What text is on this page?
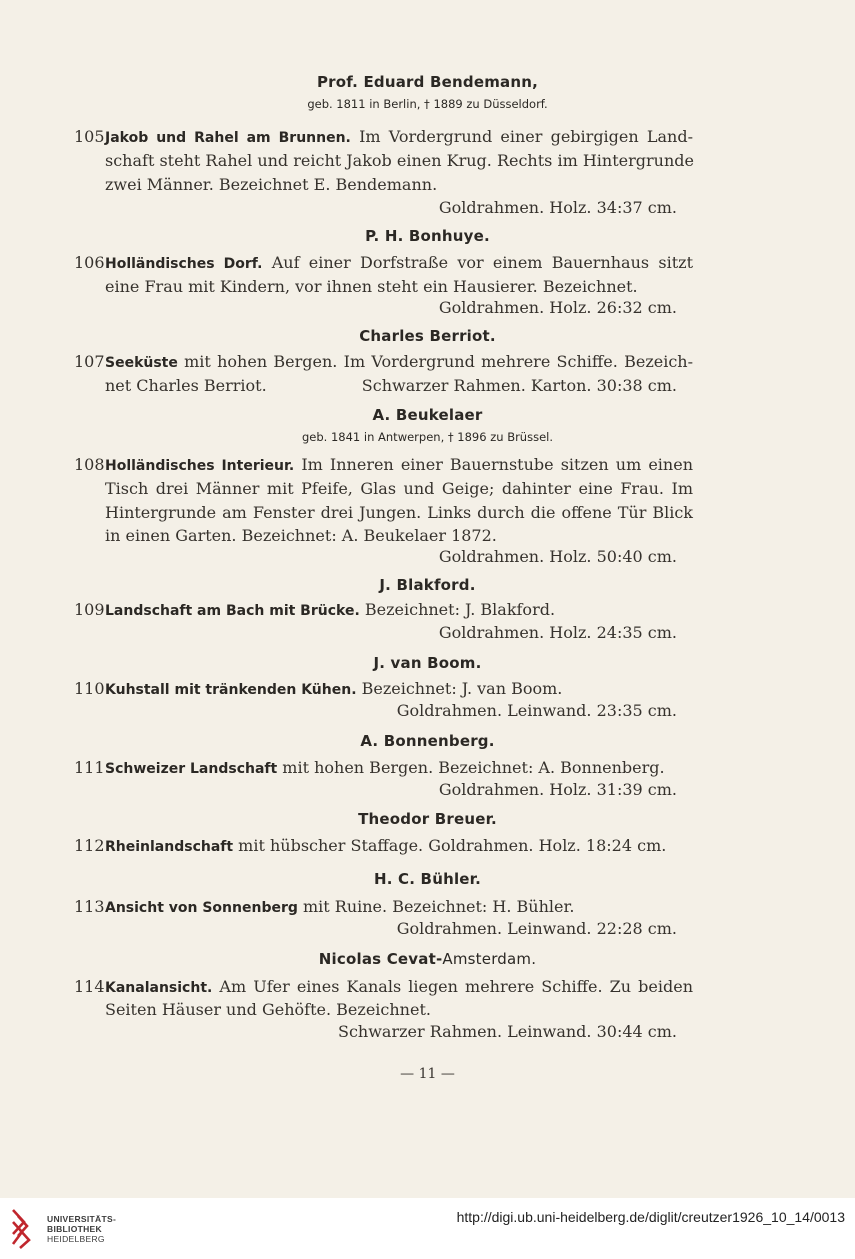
Prof. Eduard Bendemann,
geb. 1811 in Berlin, † 1889 zu Düsseldorf.
105 Jakob und Rahel am Brunnen. Im Vordergrund einer gebirgigen Land-
schaft steht Rahel und reicht Jakob einen Krug. Rechts im Hintergrunde
zwei Männer. Bezeichnet E. Bendemann.
Goldrahmen. Holz. 34:37 cm.
P. H. Bonhuye.
106 Holländisches Dorf. Auf einer Dorfstraße vor einem Bauernhaus sitzt
eine Frau mit Kindern, vor ihnen steht ein Hausierer. Bezeichnet.
Goldrahmen. Holz. 26:32 cm.
Charles Berriot.
107 Seeküste mit hohen Bergen. Im Vordergrund mehrere Schiffe. Bezeich-
net Charles Berriot.	Schwarzer Rahmen. Karton. 30:38 cm.
A. Beukelaer
geb. 1841 in Antwerpen, † 1896 zu Brüssel.
108 Holländisches Interieur. Im Inneren einer Bauernstube sitzen um einen
Tisch drei Männer mit Pfeife, Glas und Geige; dahinter eine Frau. Im
Hintergrunde am Fenster drei Jungen. Links durch die offene Tür Blick
in einen Garten. Bezeichnet: A. Beukelaer 1872.
Goldrahmen. Holz. 50:40 cm.
J. Blakford.
109 Landschaft am Bach mit Brücke. Bezeichnet: J. Blakford.
Goldrahmen. Holz. 24:35 cm.
J. van Boom.
110 Kuhstall mit tränkenden Kühen. Bezeichnet: J. van Boom.
Goldrahmen. Leinwand. 23:35 cm.
A. Bonnenberg.
111 Schweizer Landschaft mit hohen Bergen. Bezeichnet: A. Bonnenberg.
Goldrahmen. Holz. 31:39 cm.
Theodor Breuer.
112 Rheinlandschaft mit hübscher Staffage. Goldrahmen. Holz. 18:24 cm.
H. C. Bühler.
113 Ansicht von Sonnenberg mit Ruine. Bezeichnet: H. Bühler.
Goldrahmen. Leinwand. 22:28 cm.
Nicolas Cevat-Amsterdam.
114 Kanalansicht. Am Ufer eines Kanals liegen mehrere Schiffe. Zu beiden
Seiten Häuser und Gehöfte. Bezeichnet.
Schwarzer Rahmen. Leinwand. 30:44 cm.
— 11 —
UNIVERSITÄTS-
BIBLIOTHEK
HEIDELBERG
http://digi.ub.uni-heidelberg.de/diglit/creutzer1926_10_14/0013
